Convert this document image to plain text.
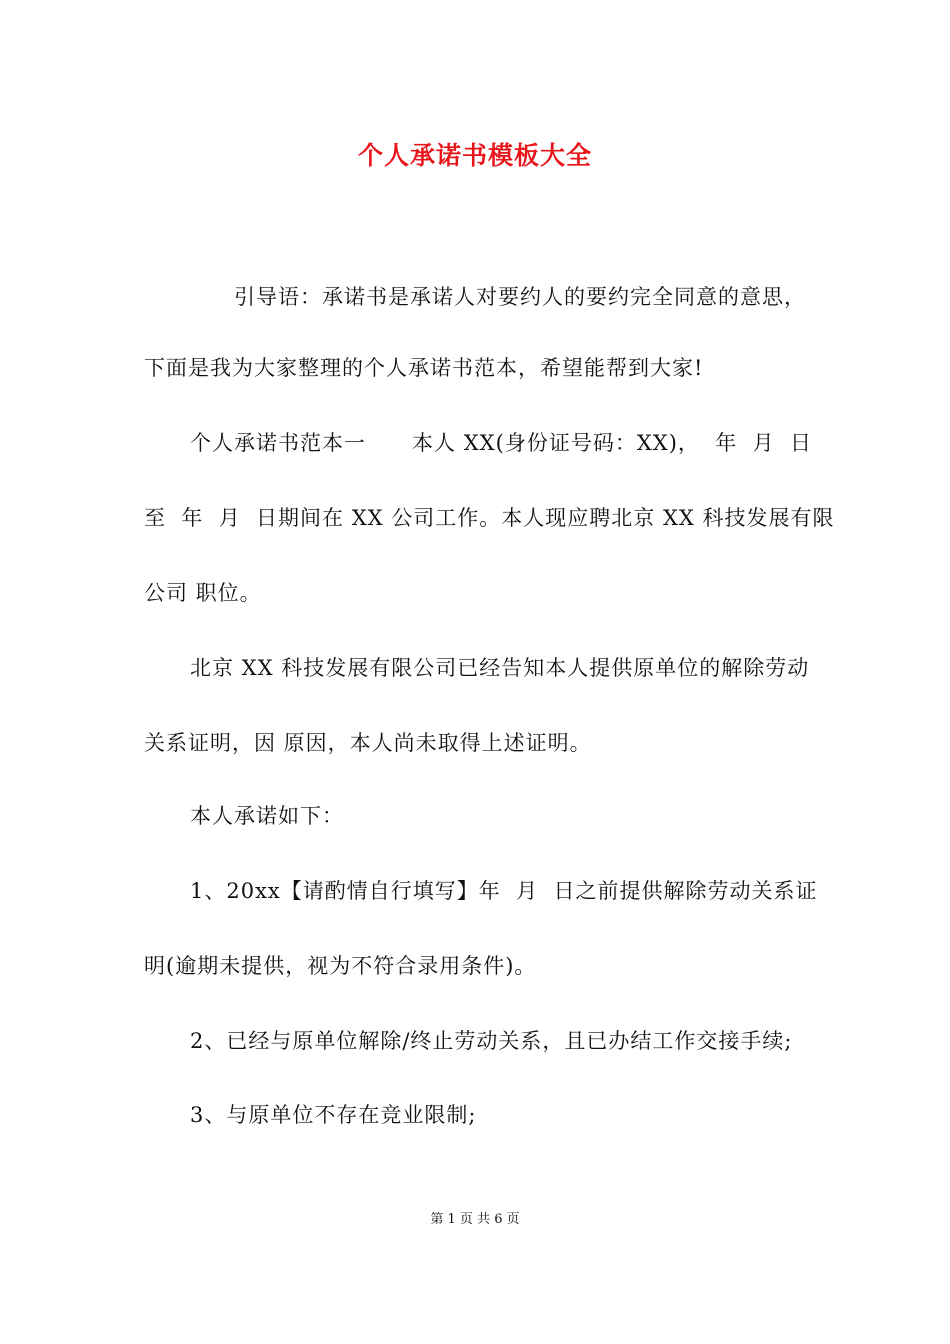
个人承诺书模板大全
引导语：承诺书是承诺人对要约人的要约完全同意的意思，
下面是我为大家整理的个人承诺书范本，希望能帮到大家!
个人承诺书范本一      本人 XX(身份证号码：XX)，  年  月  日
至  年  月  日期间在 XX 公司工作。本人现应聘北京 XX 科技发展有限
公司 职位。
北京 XX 科技发展有限公司已经告知本人提供原单位的解除劳动
关系证明，因 原因，本人尚未取得上述证明。
本人承诺如下：
1、20xx【请酌情自行填写】年  月  日之前提供解除劳动关系证
明(逾期未提供，视为不符合录用条件)。
2、已经与原单位解除/终止劳动关系，且已办结工作交接手续;
3、与原单位不存在竞业限制;
第 1 页 共 6 页
